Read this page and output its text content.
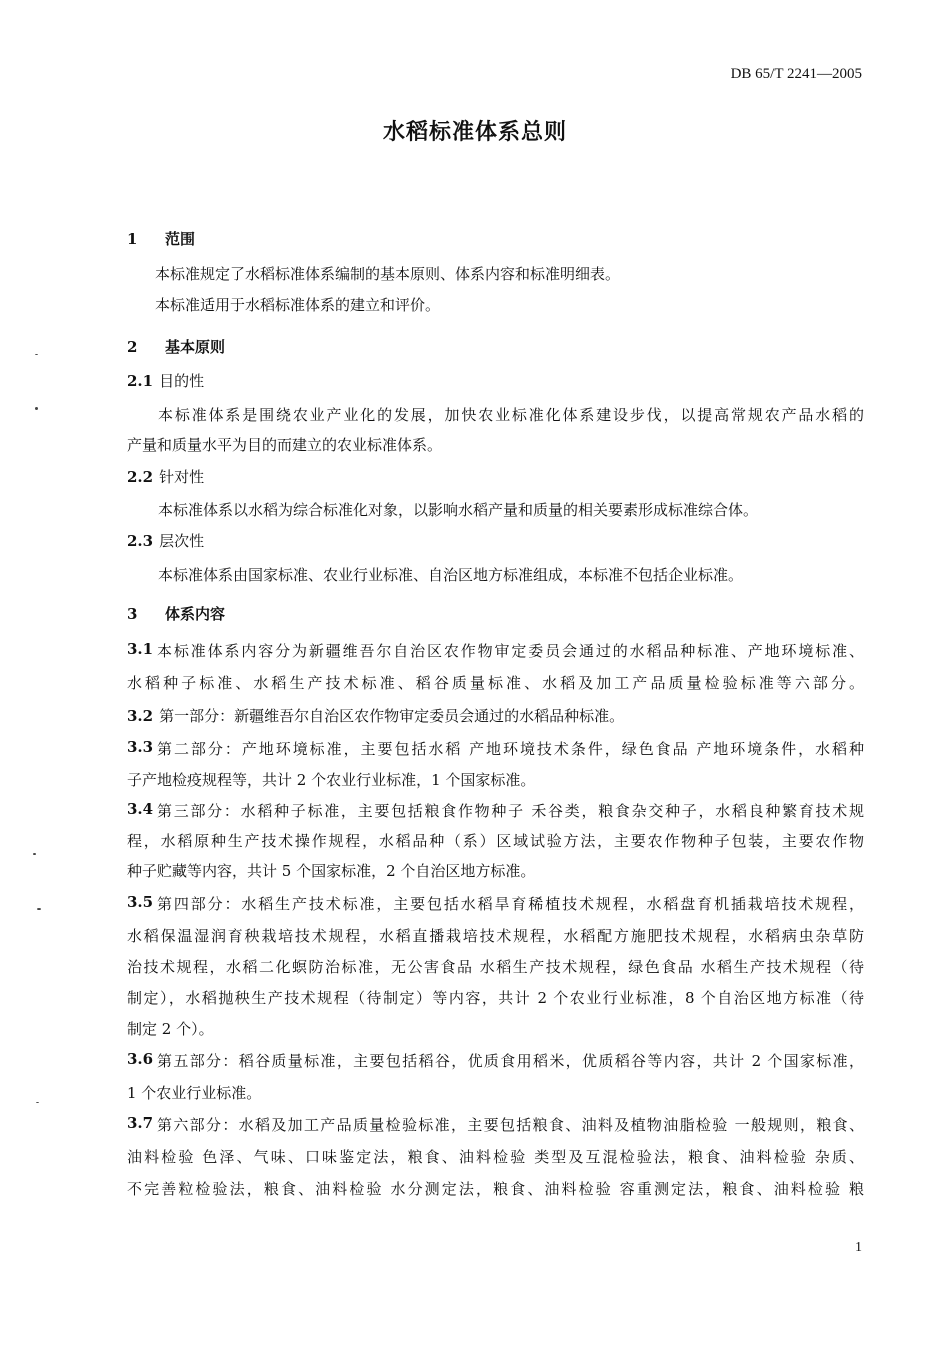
DB 65/T 2241—2005
水稻标准体系总则
1 范围
本标准规定了水稻标准体系编制的基本原则、体系内容和标准明细表。
本标准适用于水稻标准体系的建立和评价。
2 基本原则
2.1 目的性
本标准体系是围绕农业产业化的发展，加快农业标准化体系建设步伐，以提高常规农产品水稻的
产量和质量水平为目的而建立的农业标准体系。
2.2 针对性
本标准体系以水稻为综合标准化对象，以影响水稻产量和质量的相关要素形成标准综合体。
2.3 层次性
本标准体系由国家标准、农业行业标准、自治区地方标准组成，本标准不包括企业标准。
3 体系内容
3.1 本标准体系内容分为新疆维吾尔自治区农作物审定委员会通过的水稻品种标准、产地环境标准、
水稻种子标准、水稻生产技术标准、稻谷质量标准、水稻及加工产品质量检验标准等六部分。
3.2 第一部分：新疆维吾尔自治区农作物审定委员会通过的水稻品种标准。
3.3 第二部分：产地环境标准，主要包括水稻 产地环境技术条件，绿色食品 产地环境条件，水稻种
子产地检疫规程等，共计 2 个农业行业标准，1 个国家标准。
3.4 第三部分：水稻种子标准，主要包括粮食作物种子 禾谷类，粮食杂交种子，水稻良种繁育技术规
程，水稻原种生产技术操作规程，水稻品种（系）区域试验方法，主要农作物种子包装，主要农作物
种子贮藏等内容，共计 5 个国家标准，2 个自治区地方标准。
3.5 第四部分：水稻生产技术标准，主要包括水稻旱育稀植技术规程，水稻盘育机插栽培技术规程，
水稻保温湿润育秧栽培技术规程，水稻直播栽培技术规程，水稻配方施肥技术规程，水稻病虫杂草防
治技术规程，水稻二化螟防治标准，无公害食品 水稻生产技术规程，绿色食品 水稻生产技术规程（待
制定），水稻抛秧生产技术规程（待制定）等内容，共计 2 个农业行业标准，8 个自治区地方标准（待
制定 2 个）。
3.6 第五部分：稻谷质量标准，主要包括稻谷，优质食用稻米，优质稻谷等内容，共计 2 个国家标准，
1 个农业行业标准。
3.7 第六部分：水稻及加工产品质量检验标准，主要包括粮食、油料及植物油脂检验 一般规则，粮食、
油料检验 色泽、气味、口味鉴定法，粮食、油料检验 类型及互混检验法，粮食、油料检验 杂质、
不完善粒检验法，粮食、油料检验 水分测定法，粮食、油料检验 容重测定法，粮食、油料检验 粮
1
